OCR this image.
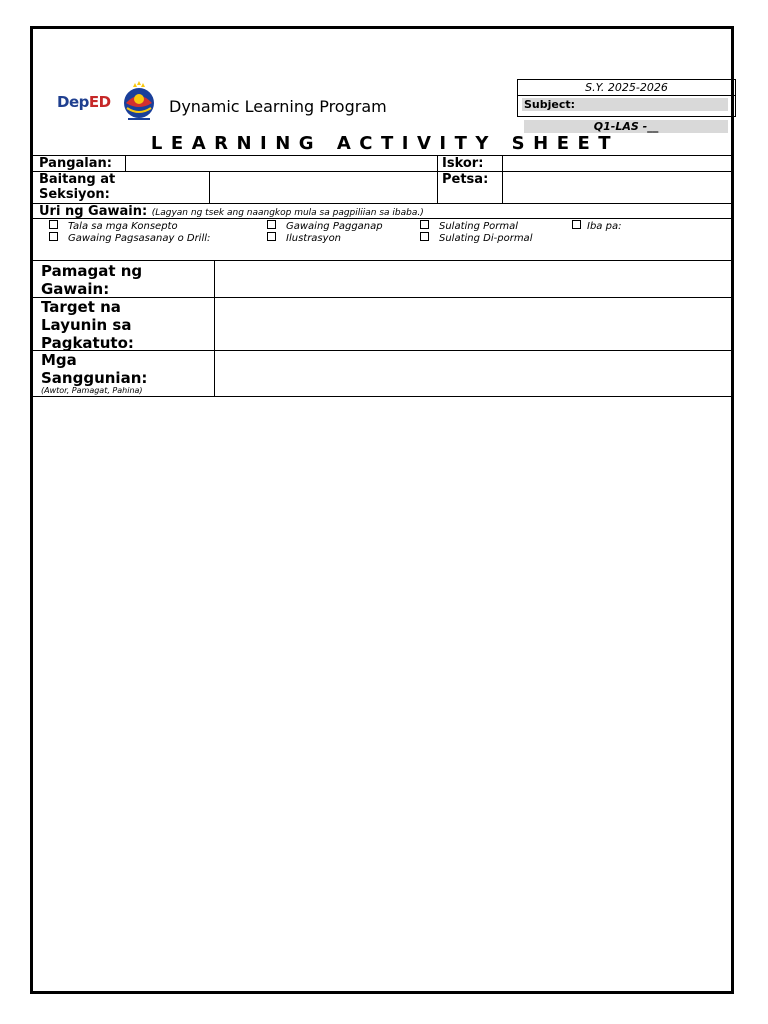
DepED
	Dynamic Learning Program
S.Y. 2025-2026
Subject:
Q1-LAS -__
LEARNING ACTIVITY SHEET
Pangalan:	Iskor:
Baitang at
Seksiyon:
Petsa:
Uri ng Gawain: (Lagyan ng tsek ang naangkop mula sa pagpiliian sa ibaba.)
Tala sa mga Konsepto	Gawaing Pagganap	Sulating Pormal	Iba pa:
Gawaing Pagsasanay o Drill:	Ilustrasyon	Sulating Di-pormal
Pamagat ng
Gawain:
Target na
Layunin sa
Pagkatuto:
Mga
Sanggunian:
(Awtor, Pamagat, Pahina)
